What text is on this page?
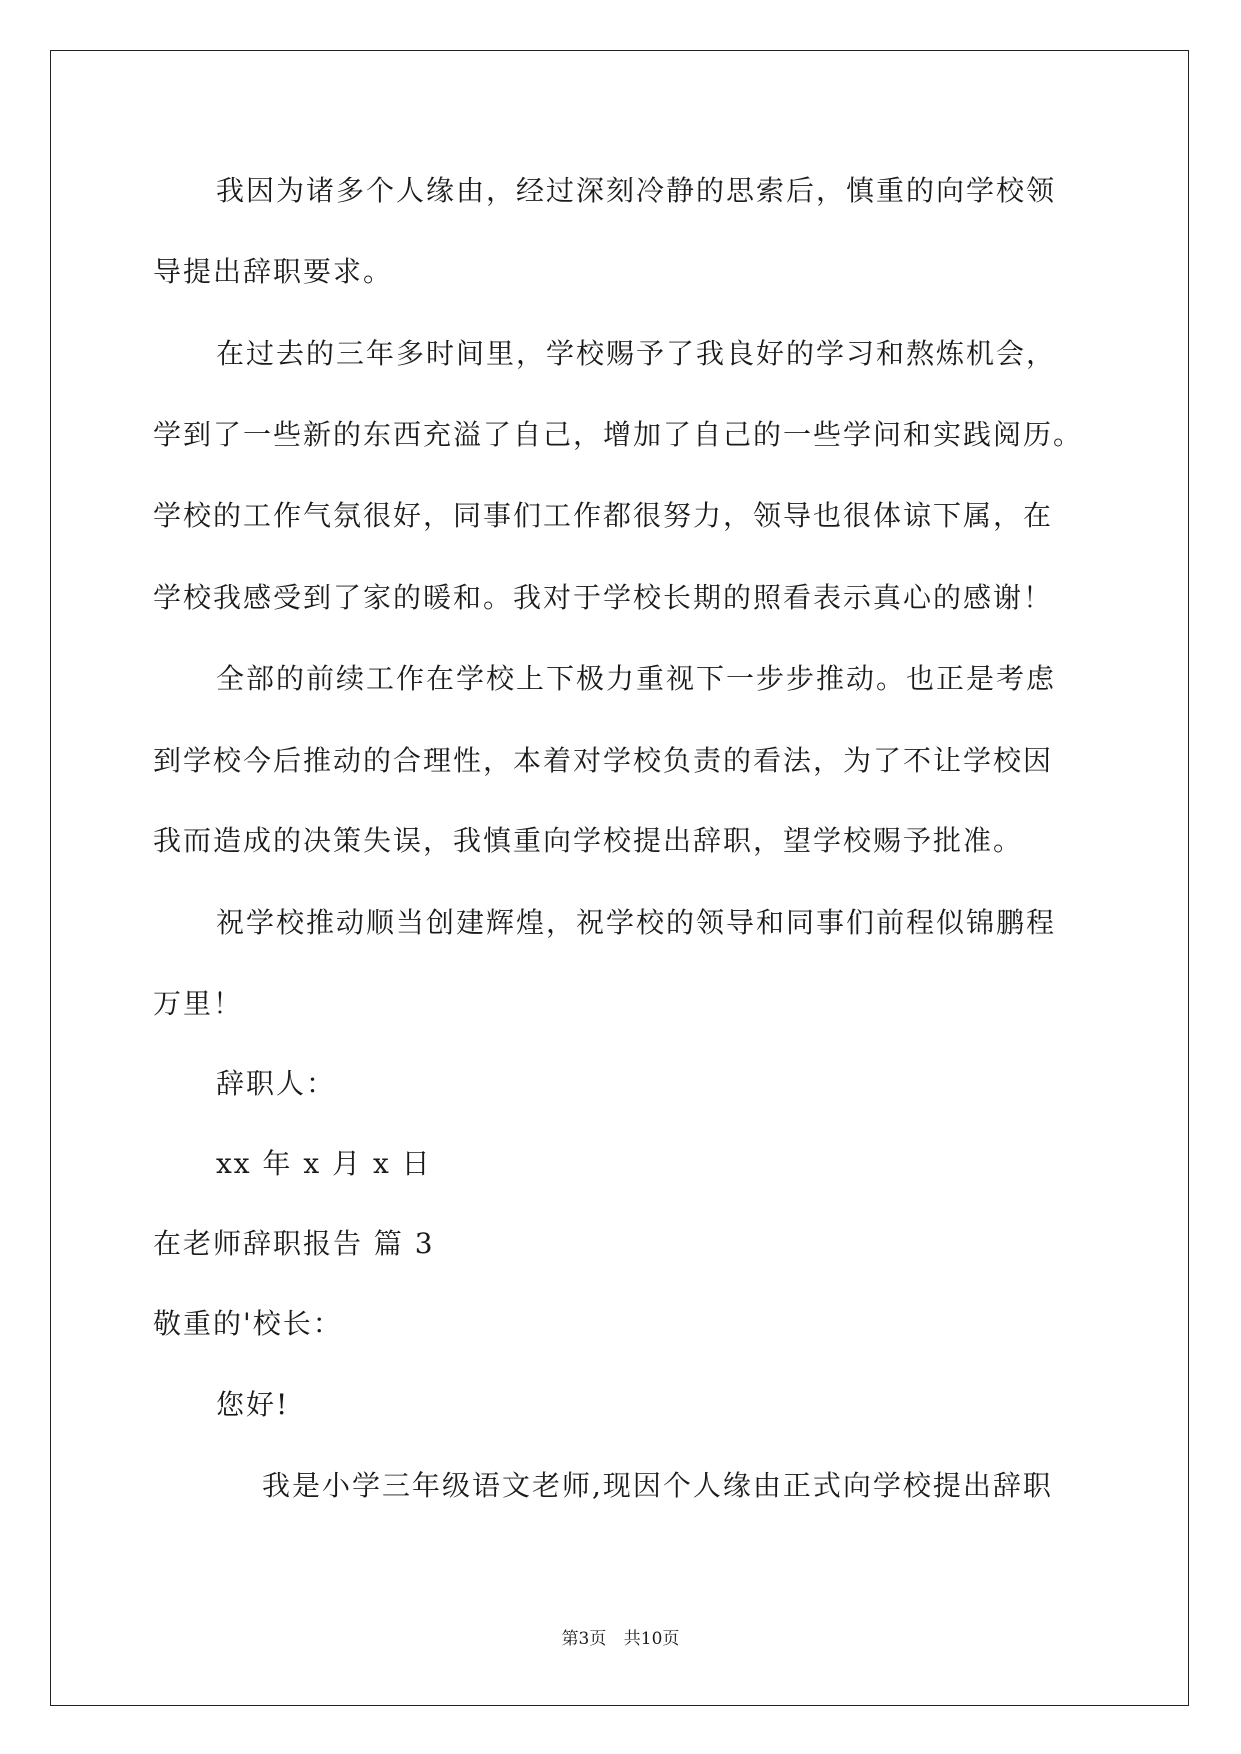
我因为诸多个人缘由，经过深刻冷静的思索后，慎重的向学校领
导提出辞职要求。
在过去的三年多时间里，学校赐予了我良好的学习和熬炼机会，
学到了一些新的东西充溢了自己，增加了自己的一些学问和实践阅历。
学校的工作气氛很好，同事们工作都很努力，领导也很体谅下属，在
学校我感受到了家的暖和。我对于学校长期的照看表示真心的感谢！
全部的前续工作在学校上下极力重视下一步步推动。也正是考虑
到学校今后推动的合理性，本着对学校负责的看法，为了不让学校因
我而造成的决策失误，我慎重向学校提出辞职，望学校赐予批准。
祝学校推动顺当创建辉煌，祝学校的领导和同事们前程似锦鹏程
万里！
辞职人：
xx 年 x 月 x 日
在老师辞职报告 篇 3
敬重的'校长：
您好!
我是小学三年级语文老师,现因个人缘由正式向学校提出辞职
第3页 共10页
